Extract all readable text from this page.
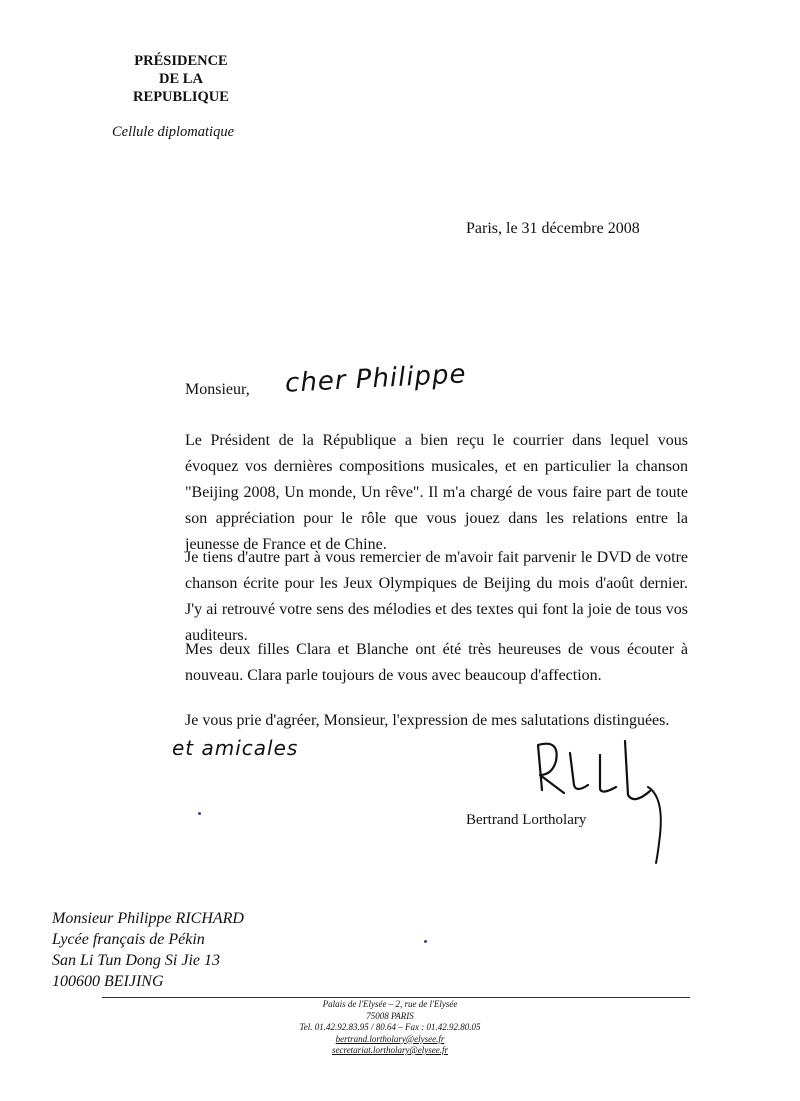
PRÉSIDENCE
DE LA
REPUBLIQUE
Cellule diplomatique
Paris, le 31 décembre 2008
Monsieur, cher Philippe

Le Président de la République a bien reçu le courrier dans lequel vous évoquez vos dernières compositions musicales, et en particulier la chanson "Beijing 2008, Un monde, Un rêve". Il m'a chargé de vous faire part de toute son appréciation pour le rôle que vous jouez dans les relations entre la jeunesse de France et de Chine.

Je tiens d'autre part à vous remercier de m'avoir fait parvenir le DVD de votre chanson écrite pour les Jeux Olympiques de Beijing du mois d'août dernier. J'y ai retrouvé votre sens des mélodies et des textes qui font la joie de tous vos auditeurs.

Mes deux filles Clara et Blanche ont été très heureuses de vous écouter à nouveau. Clara parle toujours de vous avec beaucoup d'affection.

Je vous prie d'agréer, Monsieur, l'expression de mes salutations distinguées.

et amicales
Bertrand Lortholary
Monsieur Philippe RICHARD
Lycée français de Pékin
San Li Tun Dong Si Jie 13
100600 BEIJING
Palais de l'Elysée – 2, rue de l'Elysée
75008 PARIS
Tel. 01.42.92.83.95 / 80.64 – Fax : 01.42.92.80.05
bertrand.lortholary@elysee.fr
secretariat.lortholary@elysee.fr
